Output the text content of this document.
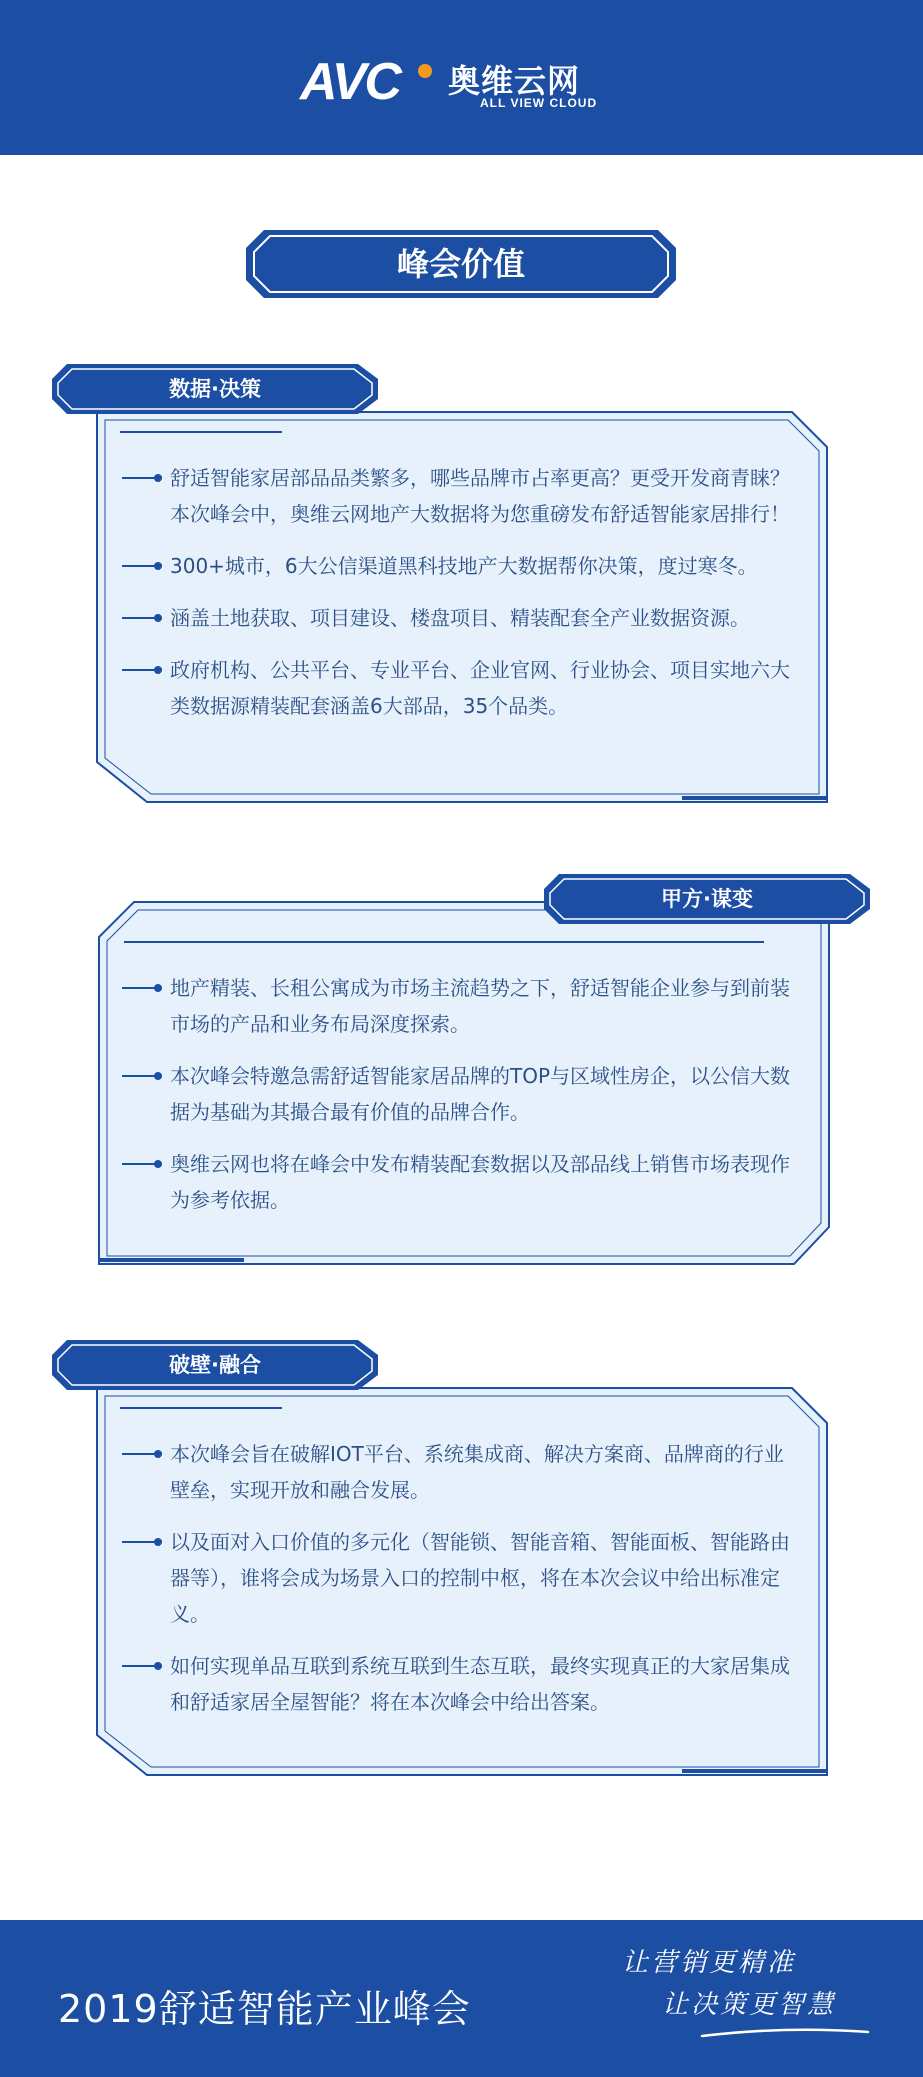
AVC 奥维云网
ALL VIEW CLOUD
峰会价值
数据·决策
舒适智能家居部品品类繁多，哪些品牌市占率更高？更受开发商青睐？本次峰会中，奥维云网地产大数据将为您重磅发布舒适智能家居排行！
300+城市，6大公信渠道黑科技地产大数据帮你决策，度过寒冬。
涵盖土地获取、项目建设、楼盘项目、精装配套全产业数据资源。
政府机构、公共平台、专业平台、企业官网、行业协会、项目实地六大类数据源精装配套涵盖6大部品，35个品类。
甲方·谋变
地产精装、长租公寓成为市场主流趋势之下，舒适智能企业参与到前装市场的产品和业务布局深度探索。
本次峰会特邀急需舒适智能家居品牌的TOP与区域性房企，以公信大数据为基础为其撮合最有价值的品牌合作。
奥维云网也将在峰会中发布精装配套数据以及部品线上销售市场表现作为参考依据。
破壁·融合
本次峰会旨在破解IOT平台、系统集成商、解决方案商、品牌商的行业壁垒，实现开放和融合发展。
以及面对入口价值的多元化（智能锁、智能音箱、智能面板、智能路由器等），谁将会成为场景入口的控制中枢，将在本次会议中给出标准定义。
如何实现单品互联到系统互联到生态互联，最终实现真正的大家居集成和舒适家居全屋智能？将在本次峰会中给出答案。
2019舒适智能产业峰会
让营销更精准
让决策更智慧
